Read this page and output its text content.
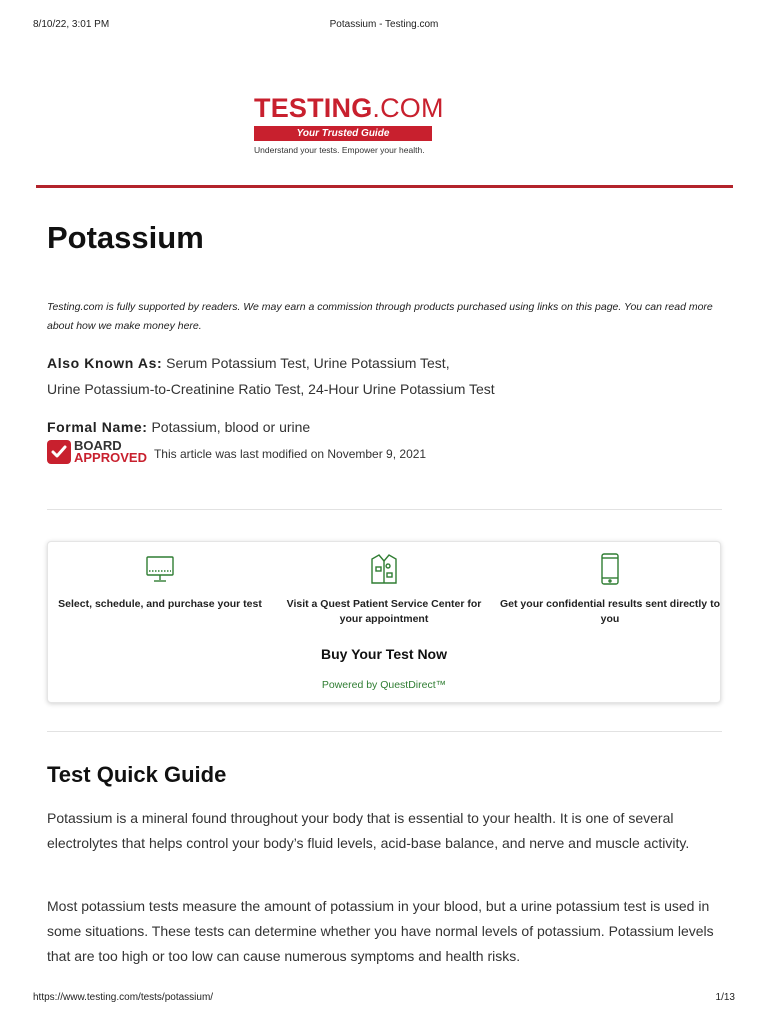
8/10/22, 3:01 PM	Potassium - Testing.com
TESTING.COM
Your Trusted Guide
Understand your tests. Empower your health.
Potassium

Testing.com is fully supported by readers. We may earn a commission through products purchased using links on this page. You can read more about how we make money here.

Also Known As: Serum Potassium Test, Urine Potassium Test,
Urine Potassium-to-Creatinine Ratio Test, 24-Hour Urine Potassium Test
Formal Name: Potassium, blood or urine
BOARD
APPROVED This article was last modified on November 9, 2021
Select, schedule, and purchase your test	Visit a Quest Patient Service Center for your appointment
Get your confidential results sent directly to you
Buy Your Test Now
Powered by QuestDirect™
Test Quick Guide

Potassium is a mineral found throughout your body that is essential to your health. It is one of several electrolytes that helps control your body’s fluid levels, acid-base balance, and nerve and muscle activity.

Most potassium tests measure the amount of potassium in your blood, but a urine potassium test is used in some situations. These tests can determine whether you have normal levels of potassium. Potassium levels that are too high or too low can cause numerous symptoms and health risks.

https://www.testing.com/tests/potassium/	1/13
